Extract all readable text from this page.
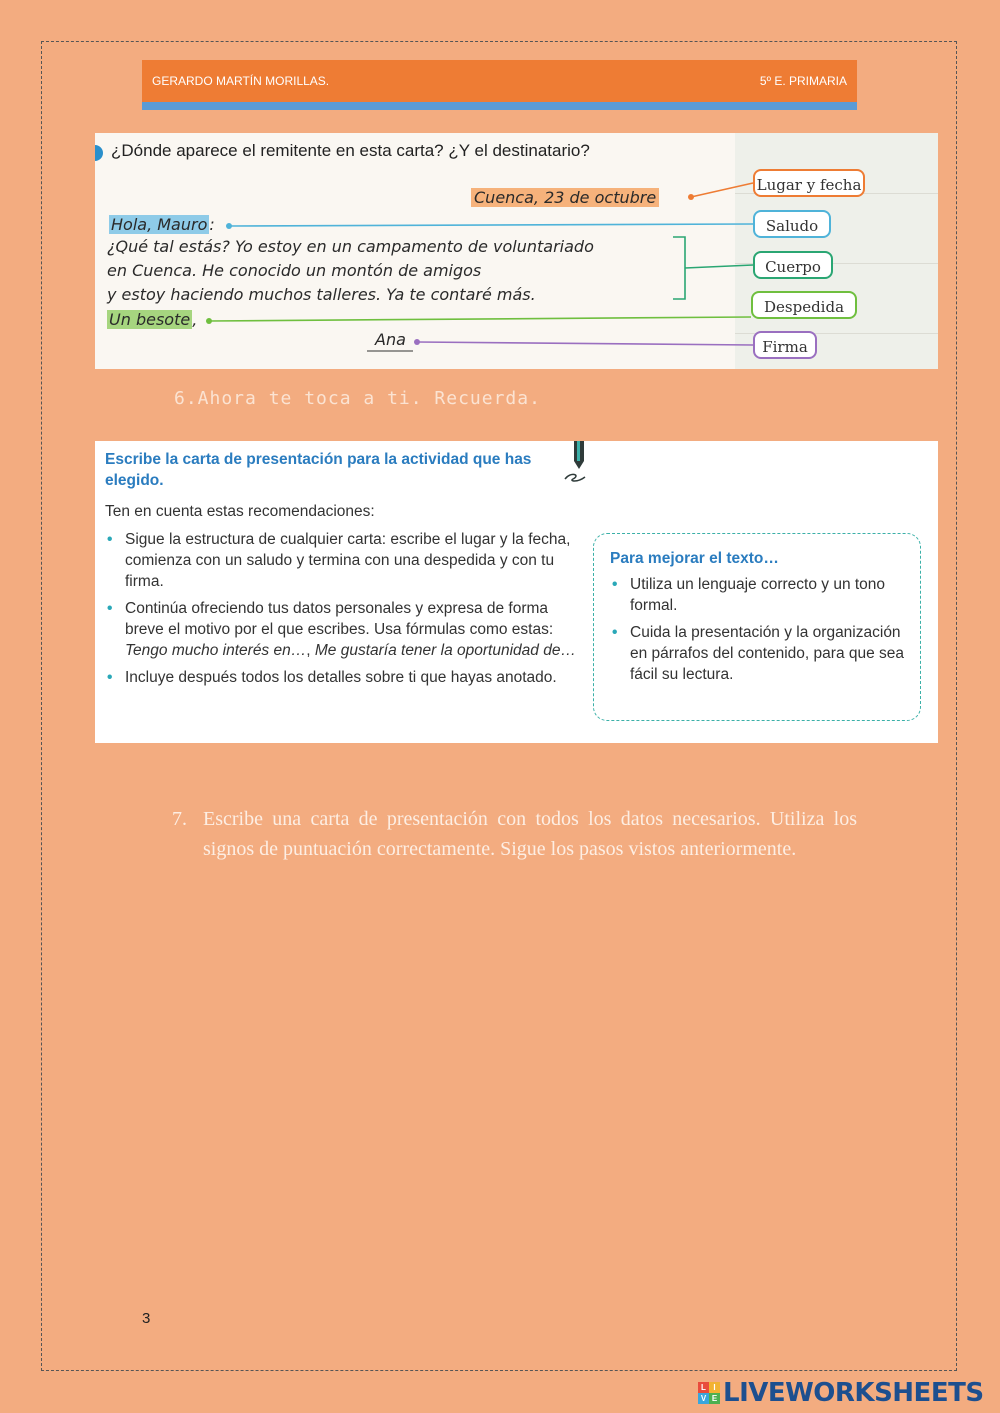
GERARDO MARTÍN MORILLAS.	5º E. PRIMARIA
¿Dónde aparece el remitente en esta carta? ¿Y el destinatario?
Cuenca, 23 de octubre
Hola, Mauro :
¿Qué tal estás? Yo estoy en un campamento de voluntariado
en Cuenca. He conocido un montón de amigos
y estoy haciendo muchos talleres. Ya te contaré más.
Un besote ,
Ana
Lugar y fecha
Saludo
Cuerpo
Despedida
Firma
6.Ahora te toca a ti. Recuerda.
Escribe la carta de presentación para la actividad que has elegido.
Ten en cuenta estas recomendaciones:
• Sigue la estructura de cualquier carta: escribe el lugar y la fecha, comienza con un saludo y termina con una despedida y con tu firma.
• Continúa ofreciendo tus datos personales y expresa de forma breve el motivo por el que escribes. Usa fórmulas como estas: Tengo mucho interés en…, Me gustaría tener la oportunidad de…
• Incluye después todos los detalles sobre ti que hayas anotado.
Para mejorar el texto…
• Utiliza un lenguaje correcto y un tono formal.
• Cuida la presentación y la organización en párrafos del contenido, para que sea fácil su lectura.
7. Escribe una carta de presentación con todos los datos necesarios. Utiliza los signos de puntuación correctamente. Sigue los pasos vistos anteriormente.
3
L I
V E LIVEWORKSHEETS
